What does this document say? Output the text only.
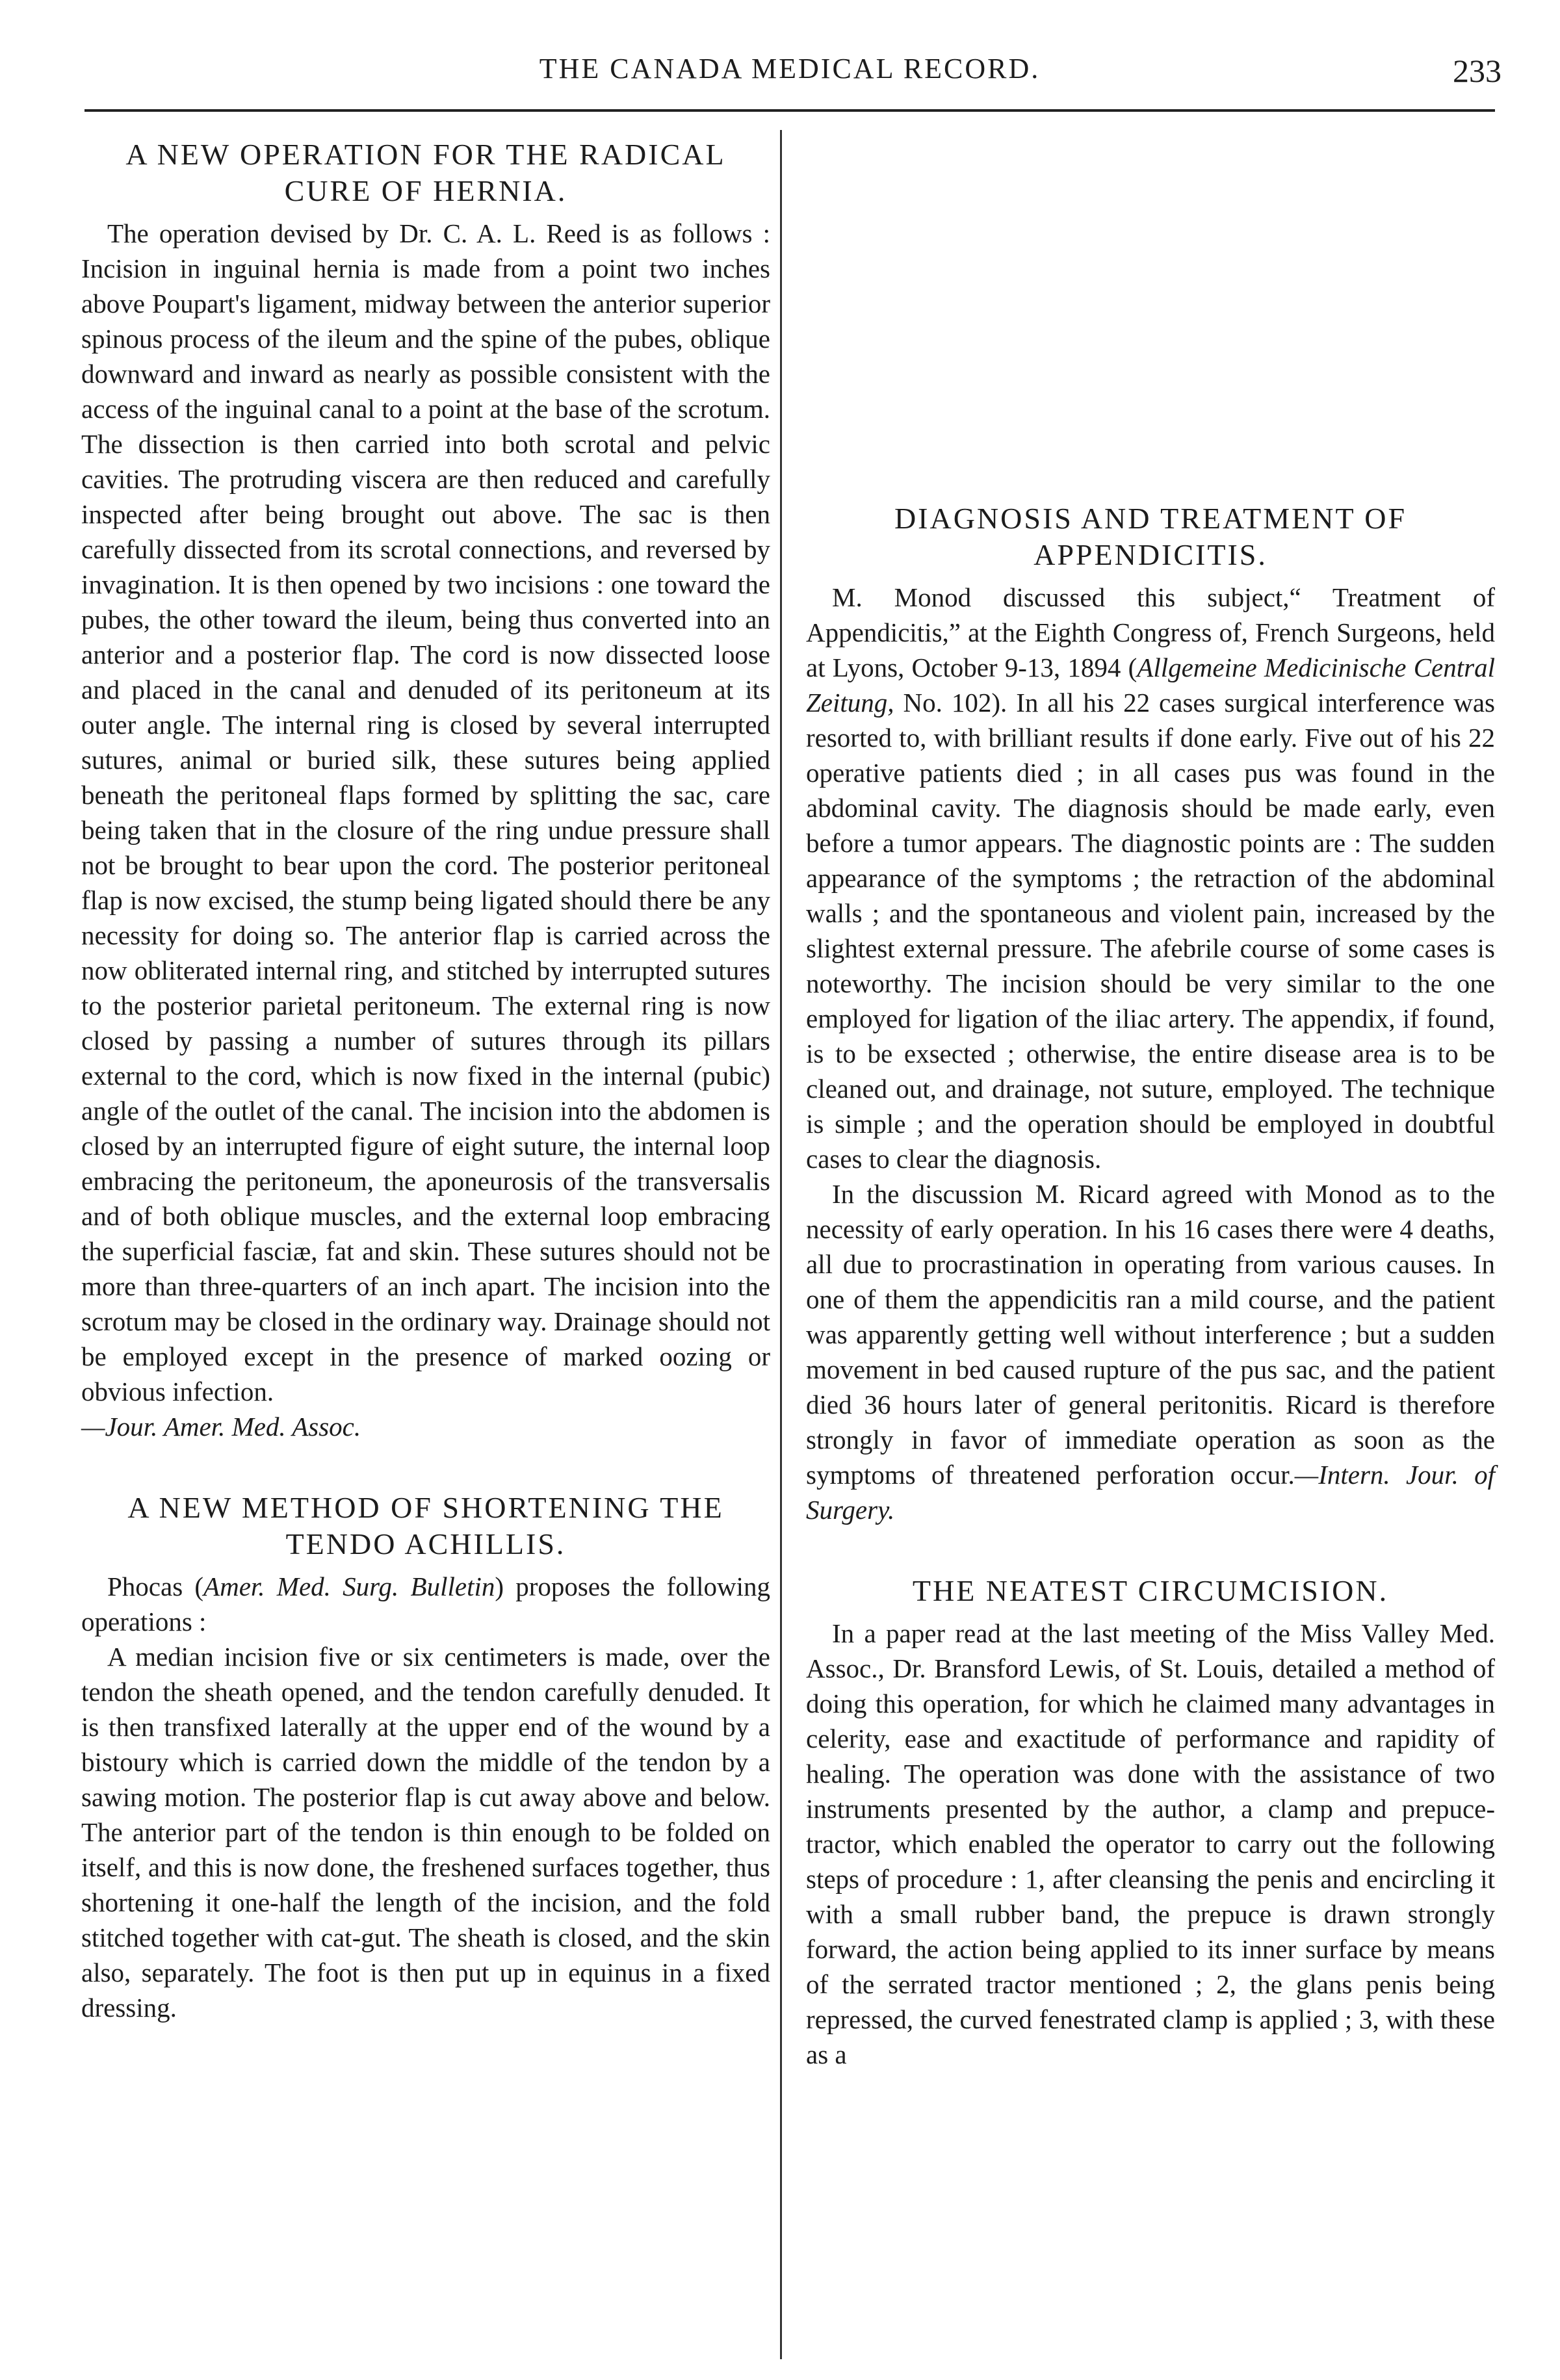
THE CANADA MEDICAL RECORD.	233
A NEW OPERATION FOR THE RADICAL CURE OF HERNIA.

The operation devised by Dr. C. A. L. Reed is as follows : Incision in inguinal hernia is made from a point two inches above Poupart's ligament, midway between the anterior superior spinous process of the ileum and the spine of the pubes, oblique downward and inward as nearly as possible consistent with the access of the inguinal canal to a point at the base of the scrotum. The dissection is then carried into both scrotal and pelvic cavities. The protruding viscera are then reduced and carefully inspected after being brought out above. The sac is then carefully dissected from its scrotal connections, and reversed by invagination. It is then opened by two incisions : one toward the pubes, the other toward the ileum, being thus converted into an anterior and a posterior flap. The cord is now dissected loose and placed in the canal and denuded of its peritoneum at its outer angle. The internal ring is closed by several interrupted sutures, animal or buried silk, these sutures being applied beneath the peritoneal flaps formed by splitting the sac, care being taken that in the closure of the ring undue pressure shall not be brought to bear upon the cord. The posterior peritoneal flap is now excised, the stump being ligated should there be any necessity for doing so. The anterior flap is carried across the now obliterated internal ring, and stitched by interrupted sutures to the posterior parietal peritoneum. The external ring is now closed by passing a number of sutures through its pillars external to the cord, which is now fixed in the internal (pubic) angle of the outlet of the canal. The incision into the abdomen is closed by an interrupted figure of eight suture, the internal loop embracing the peritoneum, the aponeurosis of the transversalis and of both oblique muscles, and the external loop embracing the superficial fasciæ, fat and skin. These sutures should not be more than three-quarters of an inch apart. The incision into the scrotum may be closed in the ordinary way. Drainage should not be employed except in the presence of marked oozing or obvious infection.

—Jour. Amer. Med. Assoc.

A NEW METHOD OF SHORTENING THE TENDO ACHILLIS.

Phocas (Amer. Med. Surg. Bulletin) proposes the following operations :

A median incision five or six centimeters is made, over the tendon the sheath opened, and the tendon carefully denuded. It is then transfixed laterally at the upper end of the wound by a bistoury which is carried down the middle of the tendon by a sawing motion. The posterior flap is cut away above and below. The anterior part of the tendon is thin enough to be folded on itself, and this is now done, the freshened surfaces together, thus shortening it one-half the length of the incision, and the fold stitched together with cat-gut. The sheath is closed, and the skin also, separately. The foot is then put up in equinus in a fixed dressing.

DIAGNOSIS AND TREATMENT OF APPENDICITIS.

M. Monod discussed this subject,“ Treatment of Appendicitis,” at the Eighth Congress of, French Surgeons, held at Lyons, October 9-13, 1894 (Allgemeine Medicinische Central Zeitung, No. 102). In all his 22 cases surgical interference was resorted to, with brilliant results if done early. Five out of his 22 operative patients died ; in all cases pus was found in the abdominal cavity. The diagnosis should be made early, even before a tumor appears. The diagnostic points are : The sudden appearance of the symptoms ; the retraction of the abdominal walls ; and the spontaneous and violent pain, increased by the slightest external pressure. The afebrile course of some cases is noteworthy. The incision should be very similar to the one employed for ligation of the iliac artery. The appendix, if found, is to be exsected ; otherwise, the entire disease area is to be cleaned out, and drainage, not suture, employed. The technique is simple ; and the operation should be employed in doubtful cases to clear the diagnosis.

In the discussion M. Ricard agreed with Monod as to the necessity of early operation. In his 16 cases there were 4 deaths, all due to procrastination in operating from various causes. In one of them the appendicitis ran a mild course, and the patient was apparently getting well without interference ; but a sudden movement in bed caused rupture of the pus sac, and the patient died 36 hours later of general peritonitis. Ricard is therefore strongly in favor of immediate operation as soon as the symptoms of threatened perforation occur.—Intern. Jour. of Surgery.

THE NEATEST CIRCUMCISION.

In a paper read at the last meeting of the Miss Valley Med. Assoc., Dr. Bransford Lewis, of St. Louis, detailed a method of doing this operation, for which he claimed many advantages in celerity, ease and exactitude of performance and rapidity of healing. The operation was done with the assistance of two instruments presented by the author, a clamp and prepuce-tractor, which enabled the operator to carry out the following steps of procedure : 1, after cleansing the penis and encircling it with a small rubber band, the prepuce is drawn strongly forward, the action being applied to its inner surface by means of the serrated tractor mentioned ; 2, the glans penis being repressed, the curved fenestrated clamp is applied ; 3, with these as a
